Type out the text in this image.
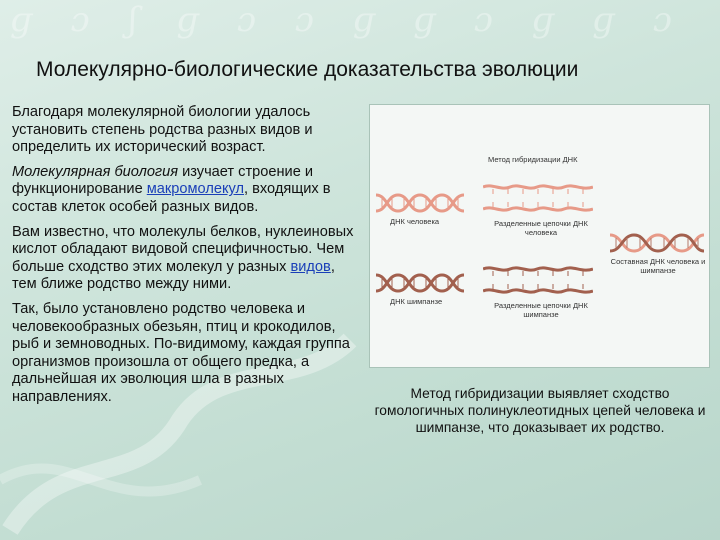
ɡ ɔ ʃ ɡ ɔ ɔ ɡ ɡ ɔ ɡ ɡ ɔ
Молекулярно-биологические доказательства эволюции

Благодаря молекулярной биологии удалось установить степень родства разных видов и определить их исторический возраст.

Молекулярная биология изучает строение и функционирование макромолекул, входящих в состав клеток особей разных видов.

Вам известно, что молекулы белков, нуклеиновых кислот обладают видовой специфичностью. Чем больше сходство этих молекул у разных видов, тем ближе родство между ними.

Так, было установлено родство человека и человекообразных обезьян, птиц и крокодилов, рыб и земноводных. По-видимому, каждая группа организмов произошла от общего предка, а дальнейшая их эволюция шла в разных направлениях.

Метод гибридизации ДНК
ДНК человека	Разделенные цепочки ДНК человека
Составная ДНК человека и шимпанзе
ДНК шимпанзе	Разделенные цепочки ДНК шимпанзе
Метод гибридизации выявляет сходство гомологичных полинуклеотидных цепей человека и шимпанзе, что доказывает их родство.
